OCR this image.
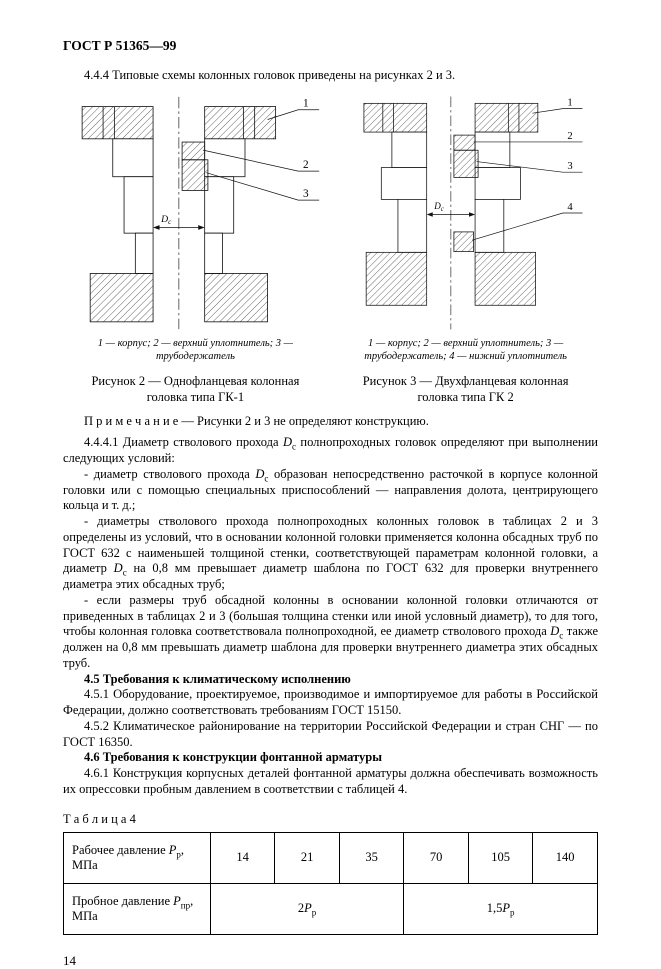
ГОСТ Р 51365—99

4.4.4 Типовые схемы колонных головок приведены на рисунках 2 и 3.

$D_с$
1
2
3
1 — корпус; 2 — верхний уплотнитель; 3 — трубодержатель
Рисунок 2 — Однофланцевая колонная головка типа ГК-1
$D_с$
1
2
3
4
1 — корпус; 2 — верхний уплотнитель; 3 — трубодержатель; 4 — нижний уплотнитель
Рисунок 3 — Двухфланцевая колонная головка типа ГК 2

П р и м е ч а н и е — Рисунки 2 и 3 не определяют конструкцию.

4.4.4.1 Диаметр стволового прохода $D_с$ полнопроходных головок определяют при выполнении следующих условий:

- диаметр стволового прохода $D_с$ образован непосредственно расточкой в корпусе колонной головки или с помощью специальных приспособлений — направления долота, центрирующего кольца и т. д.;

- диаметры стволового прохода полнопроходных колонных головок в таблицах 2 и 3 определены из условий, что в основании колонной головки применяется колонна обсадных труб по ГОСТ 632 с наименьшей толщиной стенки, соответствующей параметрам колонной головки, а диаметр $D_с$ на 0,8 мм превышает диаметр шаблона по ГОСТ 632 для проверки внутреннего диаметра этих обсадных труб;

- если размеры труб обсадной колонны в основании колонной головки отличаются от приведенных в таблицах 2 и 3 (большая толщина стенки или иной условный диаметр), то для того, чтобы колонная головка соответствовала полнопроходной, ее диаметр стволового прохода $D_с$ также должен на 0,8 мм превышать диаметр шаблона для проверки внутреннего диаметра этих обсадных труб.

4.5 Требования к климатическому исполнению

4.5.1 Оборудование, проектируемое, производимое и импортируемое для работы в Российской Федерации, должно соответствовать требованиям ГОСТ 15150.

4.5.2 Климатическое районирование на территории Российской Федерации и стран СНГ — по ГОСТ 16350.

4.6 Требования к конструкции фонтанной арматуры

4.6.1 Конструкция корпусных деталей фонтанной арматуры должна обеспечивать возможность их опрессовки пробным давлением в соответствии с таблицей 4.

Т а б л и ц а 4
Рабочее давление $P_р$, МПа	14	21	35	70	105	140
Пробное давление $P_{пр}$, МПа	$2P_р$			$1,5P_р$
14
